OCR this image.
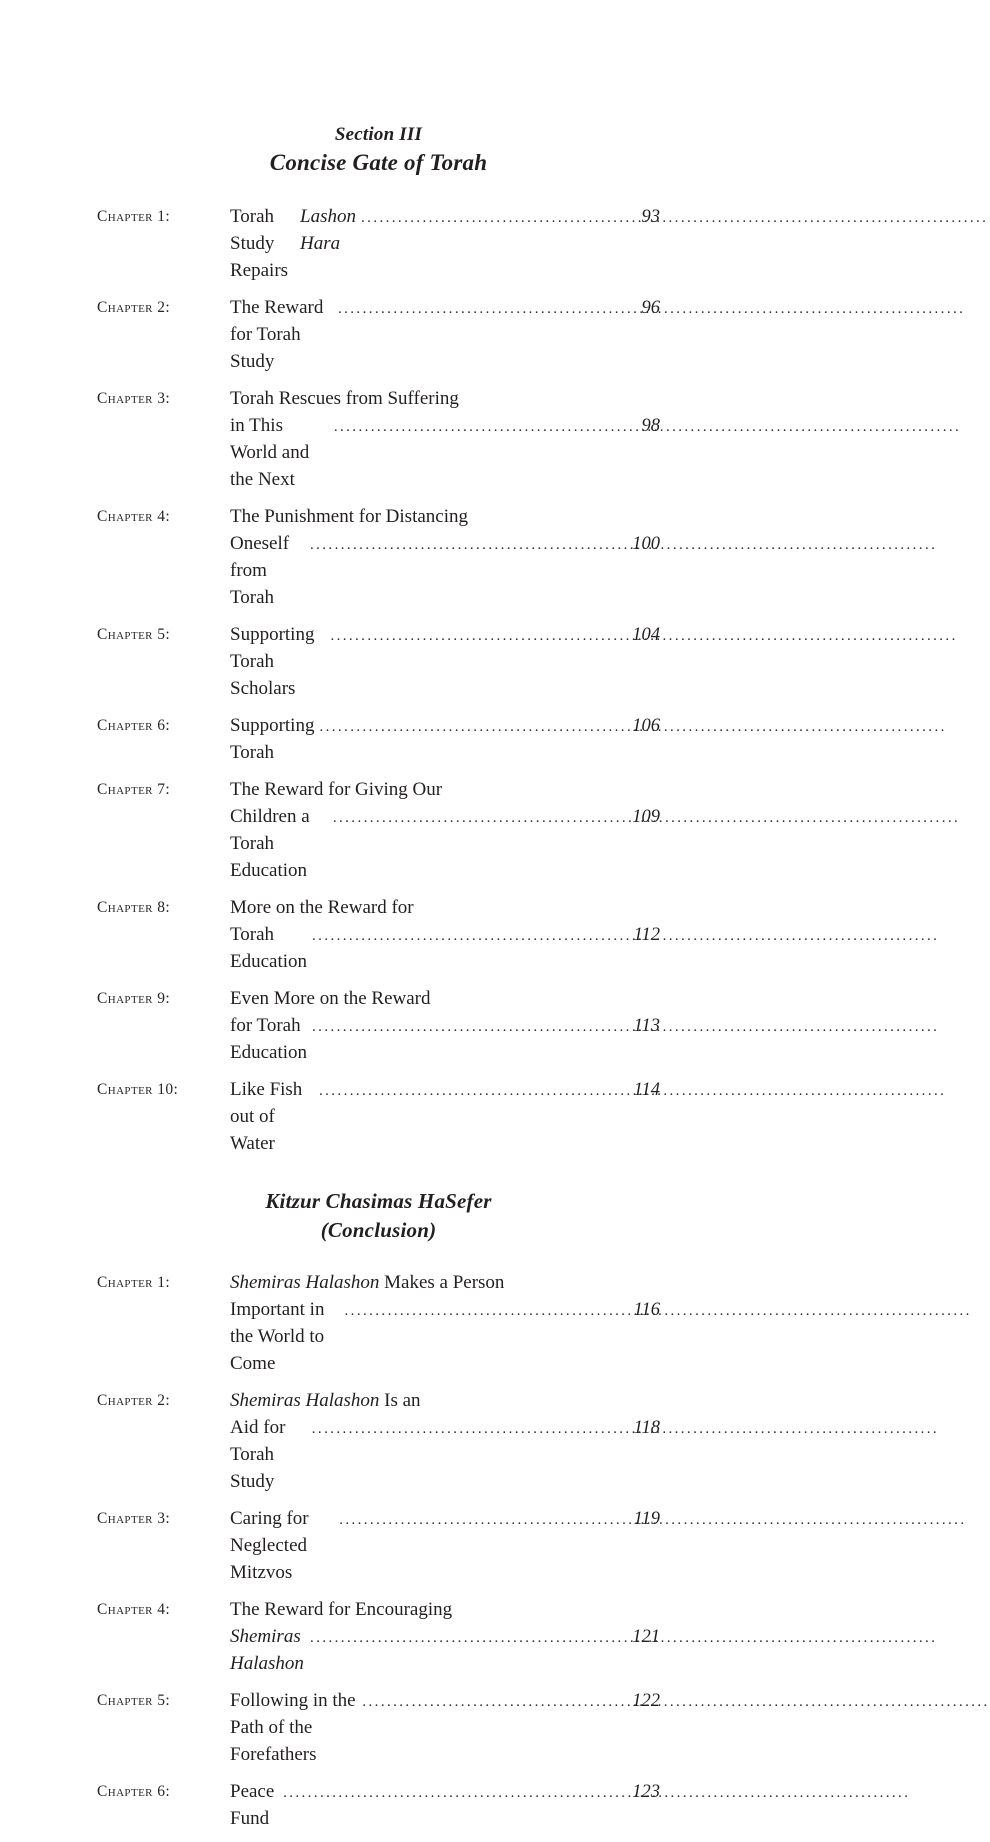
Section III
Concise Gate of Torah
Chapter 1:	Torah Study Repairs
Lashon Hara
.....
93
Chapter 2:	The Reward for Torah Study
.....
96
Chapter 3:	Torah Rescues from Suffering
in This World and the Next
.....
98
Chapter 4:	The Punishment for Distancing
Oneself from Torah
.....
100
Chapter 5:	Supporting Torah Scholars
.....
104
Chapter 6:	Supporting Torah
.....
106
Chapter 7:	The Reward for Giving Our
Children a Torah Education
.....
109
Chapter 8:	More on the Reward for
Torah Education
.....
112
Chapter 9:	Even More on the Reward
for Torah Education
.....
113
Chapter 10:	Like Fish out of Water
.....
114
Kitzur Chasimas HaSefer
(Conclusion)
Chapter 1:	Shemiras Halashon Makes a Person
Important in the World to Come
.....
116
Chapter 2:	Shemiras Halashon Is an
Aid for Torah Study
.....
118
Chapter 3:	Caring for Neglected Mitzvos
.....
119
Chapter 4:	The Reward for Encouraging
Shemiras Halashon
.....
121
Chapter 5:	Following in the Path of the Forefathers
.....
122
Chapter 6:	Peace Fund
.....
123
